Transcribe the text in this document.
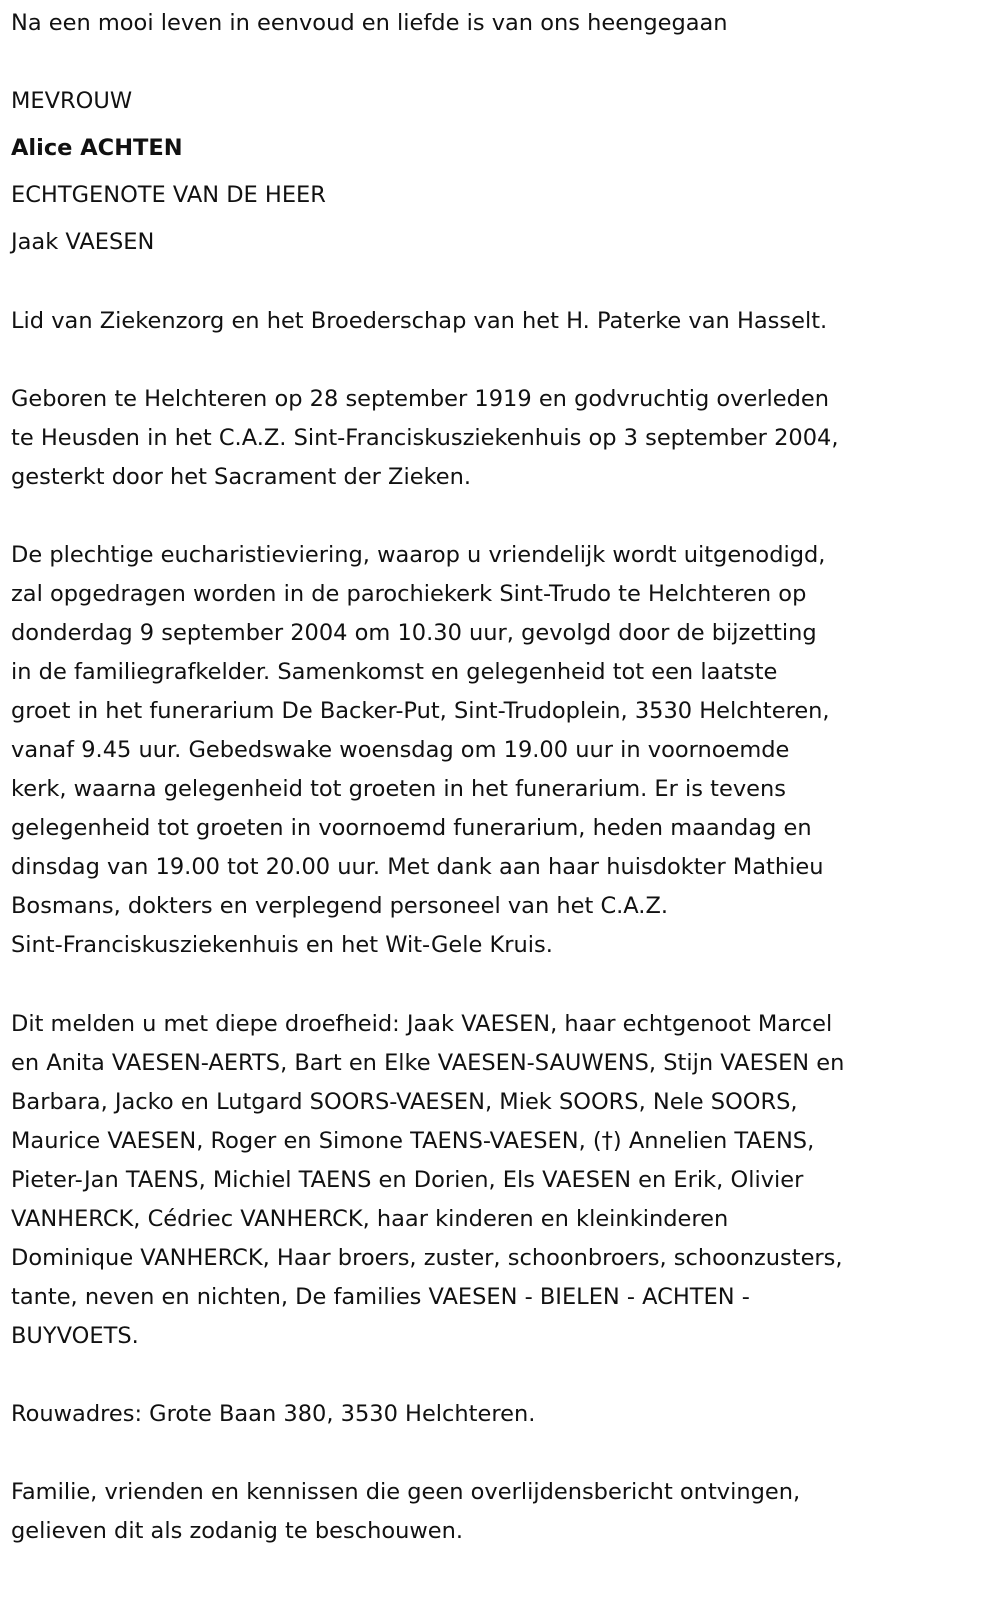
Na een mooi leven in eenvoud en liefde is van ons heengegaan
MEVROUW
Alice ACHTEN
ECHTGENOTE VAN DE HEER
Jaak VAESEN
Lid van Ziekenzorg en het Broederschap van het H. Paterke van Hasselt.
Geboren te Helchteren op 28 september 1919 en godvruchtig overleden
te Heusden in het C.A.Z. Sint-Franciskusziekenhuis op 3 september 2004,
gesterkt door het Sacrament der Zieken.
De plechtige eucharistieviering, waarop u vriendelijk wordt uitgenodigd,
zal opgedragen worden in de parochiekerk Sint-Trudo te Helchteren op
donderdag 9 september 2004 om 10.30 uur, gevolgd door de bijzetting
in de familiegrafkelder. Samenkomst en gelegenheid tot een laatste
groet in het funerarium De Backer-Put, Sint-Trudoplein, 3530 Helchteren,
vanaf 9.45 uur. Gebedswake woensdag om 19.00 uur in voornoemde
kerk, waarna gelegenheid tot groeten in het funerarium. Er is tevens
gelegenheid tot groeten in voornoemd funerarium, heden maandag en
dinsdag van 19.00 tot 20.00 uur. Met dank aan haar huisdokter Mathieu
Bosmans, dokters en verplegend personeel van het C.A.Z.
Sint-Franciskusziekenhuis en het Wit-Gele Kruis.
Dit melden u met diepe droefheid: Jaak VAESEN, haar echtgenoot Marcel
en Anita VAESEN-AERTS, Bart en Elke VAESEN-SAUWENS, Stijn VAESEN en
Barbara, Jacko en Lutgard SOORS-VAESEN, Miek SOORS, Nele SOORS,
Maurice VAESEN, Roger en Simone TAENS-VAESEN, (†) Annelien TAENS,
Pieter-Jan TAENS, Michiel TAENS en Dorien, Els VAESEN en Erik, Olivier
VANHERCK, Cédriec VANHERCK, haar kinderen en kleinkinderen
Dominique VANHERCK, Haar broers, zuster, schoonbroers, schoonzusters,
tante, neven en nichten, De families VAESEN - BIELEN - ACHTEN -
BUYVOETS.
Rouwadres: Grote Baan 380, 3530 Helchteren.
Familie, vrienden en kennissen die geen overlijdensbericht ontvingen,
gelieven dit als zodanig te beschouwen.
